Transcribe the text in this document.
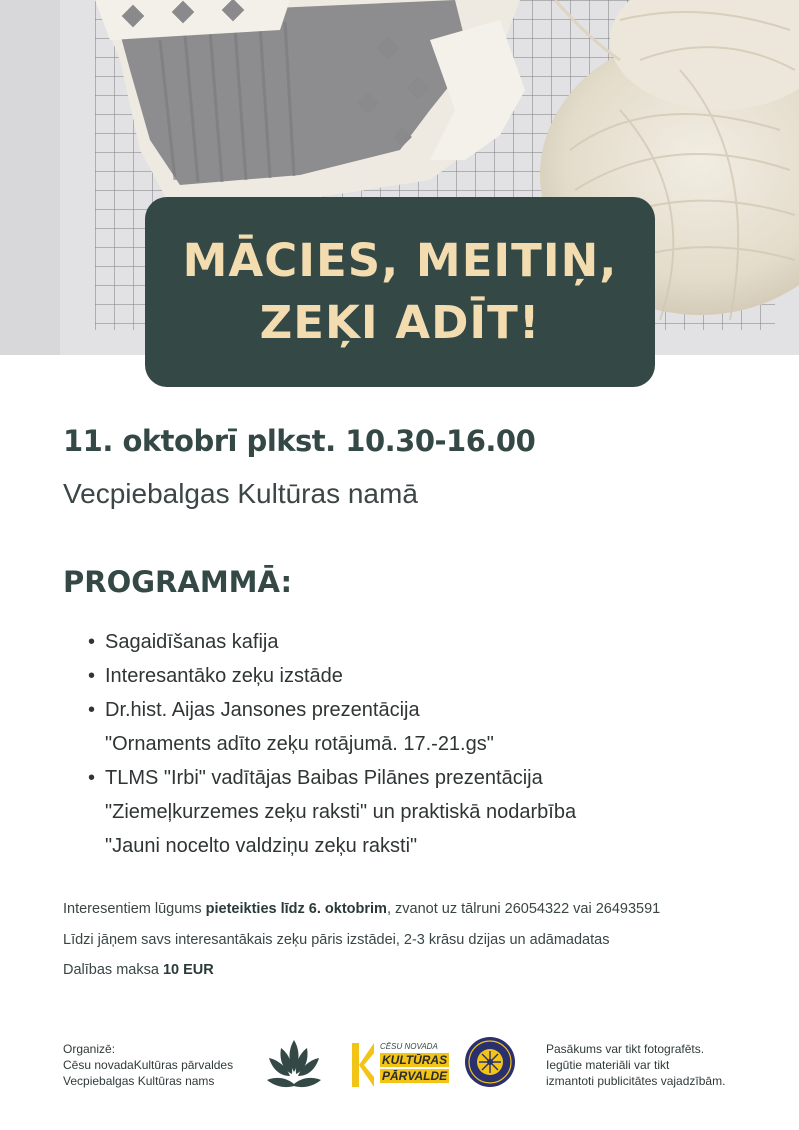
MĀCIES, MEITIŅ,
ZEĶI ADĪT!
11. oktobrī plkst. 10.30-16.00
Vecpiebalgas Kultūras namā
PROGRAMMĀ:
• Sagaidīšanas kafija
• Interesantāko zeķu izstāde
• Dr.hist. Aijas Jansones prezentācija
"Ornaments adīto zeķu rotājumā. 17.-21.gs"
• TLMS "Irbi" vadītājas Baibas Pilānes prezentācija
"Ziemeļkurzemes zeķu raksti" un praktiskā nodarbība
"Jauni nocelto valdziņu zeķu raksti"
Interesentiem lūgums pieteikties līdz 6. oktobrim, zvanot uz tālruni 26054322 vai 26493591
Līdzi jāņem savs interesantākais zeķu pāris izstādei, 2-3 krāsu dzijas un adāmadatas
Dalības maksa 10 EUR
Organizē:
Cēsu novadaKultūras pārvaldes
Vecpiebalgas Kultūras nams
CĒSU NOVADA
KULTŪRAS
PĀRVALDE
Pasākums var tikt fotografēts.
Iegūtie materiāli var tikt
izmantoti publicitātes vajadzībām.
